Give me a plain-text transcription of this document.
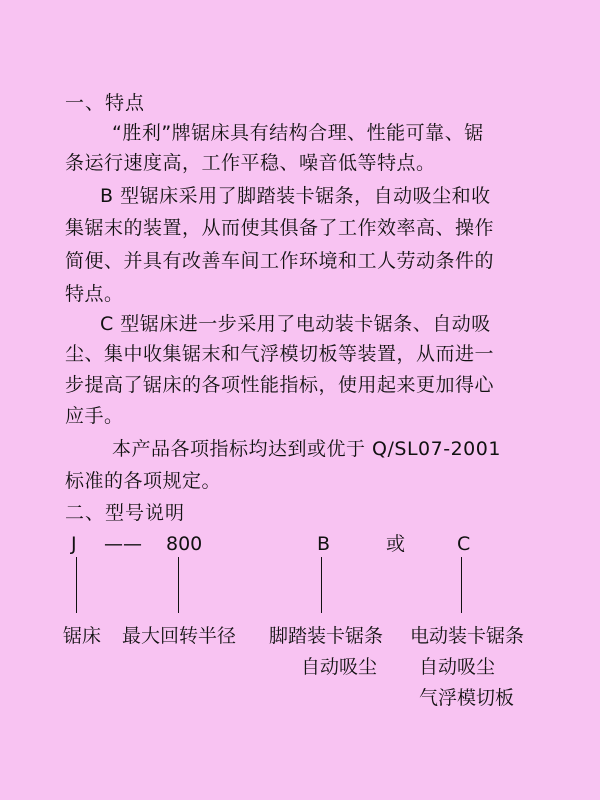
一、特点
“胜利”牌锯床具有结构合理、性能可靠、锯
条运行速度高，工作平稳、噪音低等特点。
B 型锯床采用了脚踏装卡锯条，自动吸尘和收
集锯末的装置，从而使其俱备了工作效率高、操作
简便、并具有改善车间工作环境和工人劳动条件的
特点。
C 型锯床进一步采用了电动装卡锯条、自动吸
尘、集中收集锯末和气浮模切板等装置，从而进一
步提高了锯床的各项性能指标，使用起来更加得心
应手。
本产品各项指标均达到或优于 Q/SL07-2001
标准的各项规定。
二、型号说明
J —— 800	B	或	C
锯床 最大回转半径 脚踏装卡锯条
自动吸尘
电动装卡锯条
自动吸尘
气浮模切板
